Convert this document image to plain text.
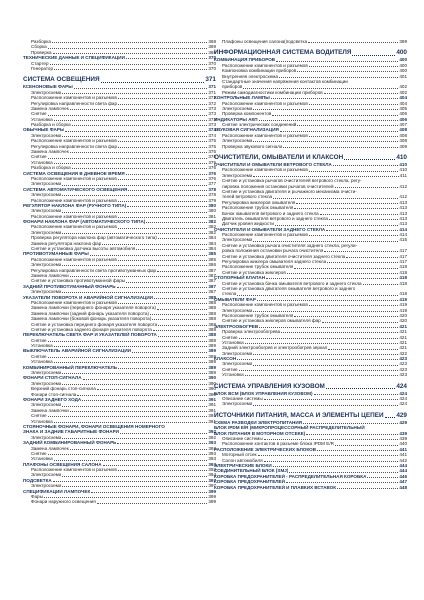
Разборка	368
Сборка	369
Проверка	369
ТЕХНИЧЕСКИЕ ДАННЫЕ И СПЕЦИФИКАЦИИ	370
Стартер	370
Генератор	370
СИСТЕМА ОСВЕЩЕНИЯ	371
КСЕНОНОВЫЕ ФАРЫ	371
Электросхема	371
Расположение компонентов и разъемов	372
Регулировка направленности света фар	372
Замена лампочек	373
Снятие	373
Установка	373
Разборка и сборка	373
ОБЫЧНЫЕ ФАРЫ	374
Электросхема	374
Расположение компонентов и разъемов	375
Регулировка направленности света фар	375
Замена лампочек	375
Снятие	375
Установка	375
Разборка и сборка	376
СИСТЕМА ОСВЕЩЕНИЯ В ДНЕВНОЕ ВРЕМЯ	376
Расположение компонентов и разъемов	376
Электросхема	377
СИСТЕМА АВТОМАТИЧЕСКОГО ОСВЕЩЕНИЯ	378
Электросхема	378
Расположение компонентов и разъемов	379
РЕГУЛЯТОР НАКЛОНА ФАР (РУЧНОГО ТИПА)	380
Электросхема	380
Расположение компонентов и разъемов	381
ФОНАРИ НАКЛОНА ФАР (АВТОМАТИЧЕСКОГО ТИПА)	382
Расположение компонентов и разъемов	382
Электросхема	382
Проверка регулятора наклона фар (автоматического типа)	384
Замена регулятора наклона фар	384
Снятие и установка датчика высоты автомобиля	384
ПРОТИВОТУМАННЫЕ ФАРЫ	385
Расположение компонентов и разъемов	385
Электросхема	386
Регулировка направленности света противотуманных фар	387
Замена лампочки	387
Снятие и установка противотуманной фары	387
ЗАДНИЙ ПРОТИВОТУМАННЫЙ ФОНАРЬ	387
Электросхема	387
УКАЗАТЕЛИ ПОВОРОТА И АВАРИЙНОЙ СИГНАЛИЗАЦИИ	388
Расположение компонентов и разъемов	388
Замена лампочки (переднего фонаря указателя поворота)	388
Замена лампочки (задний фонарь указателя поворота)	388
Замена лампочки (боковой фонарь указателя поворота)	388
Снятие и установка переднего фонаря указателя поворота	388
Снятие и установка заднего фонаря указателя поворота	388
ПЕРЕКЛЮЧАТЕЛЬ СВЕТА ФАР И УКАЗАТЕЛЕЙ ПОВОРОТА	388
Снятие	388
Установка	389
ВЫКЛЮЧАТЕЛЬ АВАРИЙНОЙ СИГНАЛИЗАЦИИ	389
Снятие	389
Установка	389
КОМБИНИРОВАННЫЙ ПЕРЕКЛЮЧАТЕЛЬ	389
Электросхема	389
ФОНАРИ СТОП-СИГНАЛА	390
Электросхема	390
Верхний фонарь стоп-сигнала	390
Фонари стоп-сигнала	390
ФОНАРИ ЗАДНЕГО ХОДА	391
Электросхема	391
Замена лампочки	391
Снятие	391
Установка	391
СТОЯНОЧНЫЕ ФОНАРИ, ФОНАРИ ОСВЕЩЕНИЯ НОМЕРНОГО
ЗНАКА И ЗАДНИЕ ГАБАРИТНЫЕ ФОНАРИ	392
Электросхема	392
ЗАДНИЙ КОМБИНИРОВАННЫЙ ФОНАРЬ	393
Замена лампочек	393
Снятие	393
Установка	393
ПЛАФОНЫ ОСВЕЩЕНИЯ САЛОНА	393
Расположение компонентов и разъемов	393
Электросхема	394
ПОДСВЕТКА	397
Электросхема	397
СПЕЦИФИКАЦИИ ЛАМПОЧЕК	399
Фары	399
Фонари наружного освещения	399
Плафоны освещения салона(подсветка	399
ИНФОРМАЦИОННАЯ СИСТЕМА ВОДИТЕЛЯ	400
КОМБИНАЦИЯ ПРИБОРОВ	400
Расположение компонентов и разъемов	400
Компоновка комбинации приборов	400
Внутренняя электросхема	401
Стандартные значения напряжения контактов комбинации
приборов	402
Режим самодиагностики комбинации приборов	402
КОНТРОЛЬНЫЕ ЛАМПЫ	404
Расположение компонентов и разъемов	404
Электросхема	405
Проверка компонентов	406
ИНДИКАТОРЫ АКП	406
Снятие электрических соединений	407
ЗВУКОВАЯ СИГНАЛИЗАЦИЯ	408
Расположение компонентов и разъемов	408
Электросхема	408
Проверка звукового сигнала	409
ОЧИСТИТЕЛИ, ОМЫВАТЕЛИ И КЛАКСОН	410
ОЧИСТИТЕЛИ И ОМЫВАТЕЛИ ВЕТРОВОГО СТЕКЛА	410
Расположение компонентов и разъемов	410
Электросхема	411
Снятие и установка рычагов очистителей ветрового стекла, регу-
лировка положения остановки рычагов очистителей	412
Снятие и установка двигателя и рычажного механизма очисти-
телей ветрового стекла	412
Регулировка жиклеров омывателя	413
Расположение трубок омывателя	413
Бачок омывателя ветрового и заднего стекла	413
Двигатель омывателя ветрового и заднего стекла	413
Датчик уровня жидкости	413
ОЧИСТИТЕЛИ И ОМЫВАТЕЛИ ЗАДНЕГО СТЕКЛА	414
Расположение компонентов и разъемов	414
Электросхема	415
Снятие и установка рычага очистителя заднего стекла, регули-
ровка положения остановки рычага очистителя	417
Снятие и установка двигателя очистителя заднего стекла	417
Регулировка жиклера омывателя заднего стекла	417
Расположение трубок омывателя	418
Снятие и установка жиклеров	418
СТОПОРНЫЙ КЛАПАН	418
Снятие и установка бачка омывателя ветрового и заднего стекла	418
Снятие и установка двигателя омывателя ветрового и заднего
стекла	418
ОМЫВАТЕЛИ ФАР	419
Расположение компонентов и разъемов	419
Электросхема	419
Расположение трубок омывателя	420
Снятие и установка жиклеров омывателя фар	420
ЭЛЕКТРООБОГРЕВ	421
Проверка электрообогрева	421
Снятие	421
Установка	421
Задний электрообогрев и электрообогрев зеркал	421
Электросхема	422
КЛАКСОН	423
Электросхема	423
Снятие	423
Установка	423
СИСТЕМА УПРАВЛЕНИЯ КУЗОВОМ	424
БЛОК BCM (БЛОК УПРАВЛЕНИЯ КУЗОВОМ)	424
Описание системы	424
Электросхема	424
ИСТОЧНИКИ ПИТАНИЯ, МАССА И ЭЛЕМЕНТЫ ЦЕПЕЙ 429
СХЕМА РАЗВОДКИ ЭЛЕКТРОПИТАНИЯ	429
БЛОК IPDM E/R (МИКРОПРОЦЕССОРНЫЙ РАСПРЕДЕЛИТЕЛЬНЫЙ
БЛОК ПИТАНИЯ В МОТОРНОМ ОТСЕКЕ)	439
Описание системы	439
Расположение контактов в разъеме блока IPDM E/R	440
РАСПОЛОЖЕНИЕ ЭЛЕКТРИЧЕСКИХ БЛОКОВ	441
Моторный отсек	441
Салон автомобиля	442
ЭЛЕКТРИЧЕСКИЕ БЛОКИ	444
СОЕДИНИТЕЛЬНЫЙ БЛОК (SMJ)	444
КОРОБКА ПРЕДОХРАНИТЕЛЕЙ - РАСПРЕДЕЛИТЕЛЬНАЯ КОРОБКА	446
КОРОБКА ПРЕДОХРАНИТЕЛЕЙ	447
КОРОБКА ПРЕДОХРАНИТЕЛЕЙ И ПЛАВКИХ ВСТАВОК	448
